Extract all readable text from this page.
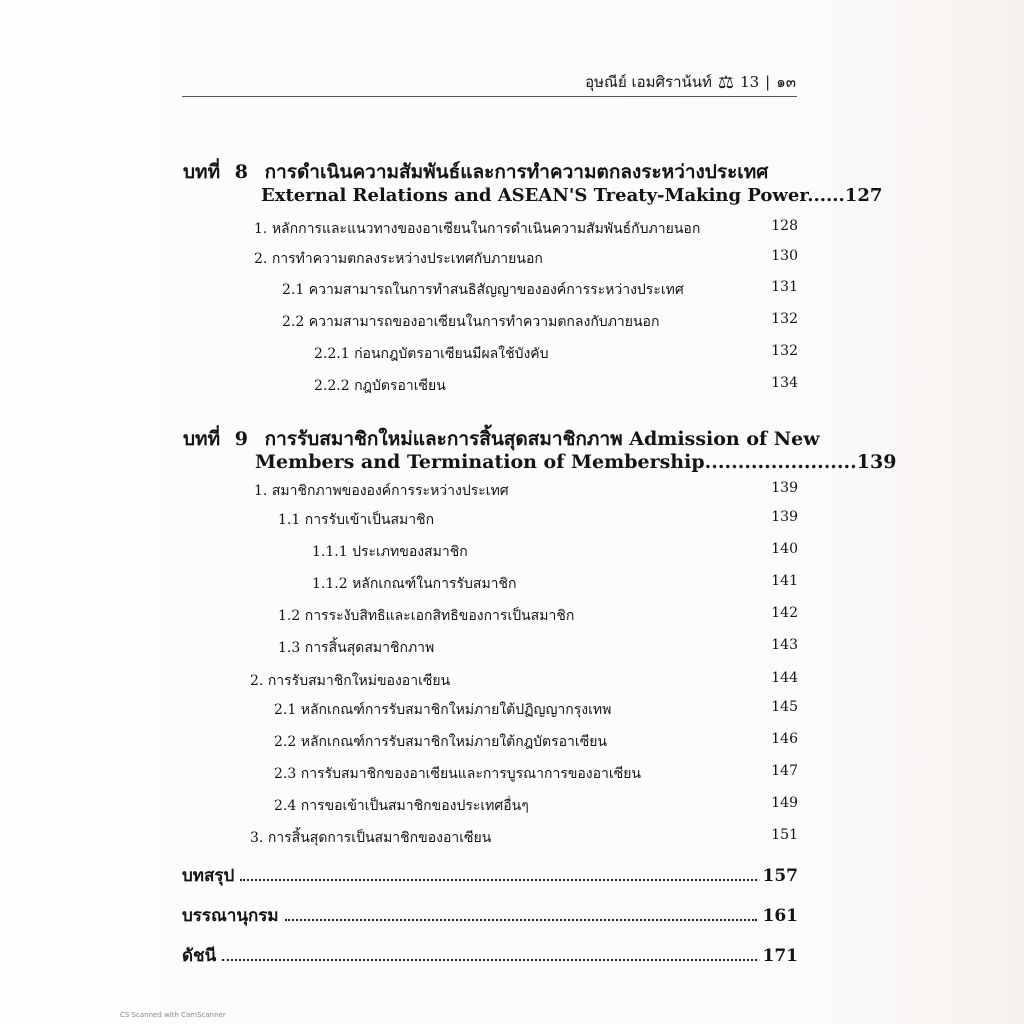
อุษณีย์ เอมศิราน้นท์ ⚖ 13 | ๑๓
บทที่ 8 การดำเนินความสัมพันธ์และการทำความตกลงระหว่างประเทศ
External Relations and ASEAN'S Treaty-Making Power......127
1. หลักการและแนวทางของอาเซียนในการดำเนินความสัมพันธ์กับภายนอก	128
2. การทำความตกลงระหว่างประเทศกับภายนอก	130
2.1 ความสามารถในการทำสนธิสัญญาขององค์การระหว่างประเทศ	131
2.2 ความสามารถของอาเซียนในการทำความตกลงกับภายนอก	132
2.2.1 ก่อนกฎบัตรอาเซียนมีผลใช้บังคับ	132
2.2.2 กฎบัตรอาเซียน	134
บทที่ 9 การรับสมาชิกใหม่และการสิ้นสุดสมาชิกภาพ Admission of New
Members and Termination of Membership.......................139
1. สมาชิกภาพขององค์การระหว่างประเทศ	139
1.1 การรับเข้าเป็นสมาชิก	139
1.1.1 ประเภทของสมาชิก	140
1.1.2 หลักเกณฑ์ในการรับสมาชิก	141
1.2 การระงับสิทธิและเอกสิทธิของการเป็นสมาชิก	142
1.3 การสิ้นสุดสมาชิกภาพ	143
2. การรับสมาชิกใหม่ของอาเซียน	144
2.1 หลักเกณฑ์การรับสมาชิกใหม่ภายใต้ปฏิญญากรุงเทพ	145
2.2 หลักเกณฑ์การรับสมาชิกใหม่ภายใต้กฎบัตรอาเซียน	146
2.3 การรับสมาชิกของอาเซียนและการบูรณาการของอาเซียน	147
2.4 การขอเข้าเป็นสมาชิกของประเทศอื่นๆ	149
3. การสิ้นสุดการเป็นสมาชิกของอาเซียน	151
บทสรุป	157
บรรณานุกรม	161
ดัชนี	171
CS Scanned with CamScanner
